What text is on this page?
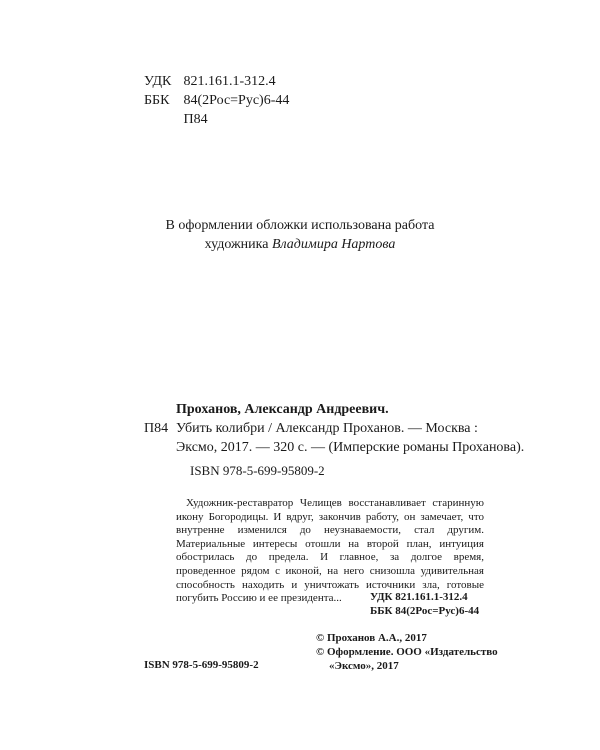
УДК 821.161.1-312.4
ББК 84(2Рос=Рус)6-44
П84
В оформлении обложки использована работа
художника Владимира Нартова
Проханов, Александр Андреевич.
П84 Убить колибри / Александр Проханов. — Москва :
Эксмо, 2017. — 320 с. — (Имперские романы Проханова).
ISBN 978-5-699-95809-2

Художник-реставратор Челищев восстанавливает старинную икону Богородицы. И вдруг, закончив работу, он замечает, что внутренне изменился до неузнаваемости, стал другим. Материальные интересы отошли на второй план, интуиция обострилась до предела. И главное, за долгое время, проведенное рядом с иконой, на него снизошла удивительная способность находить и уничтожать источники зла, готовые погубить Россию и ее президента...	УДК 821.161.1-312.4
ББК 84(2Рос=Рус)6-44
© Проханов А.А., 2017
© Оформление. ООО «Издательство
«Эксмо», 2017
ISBN 978-5-699-95809-2
